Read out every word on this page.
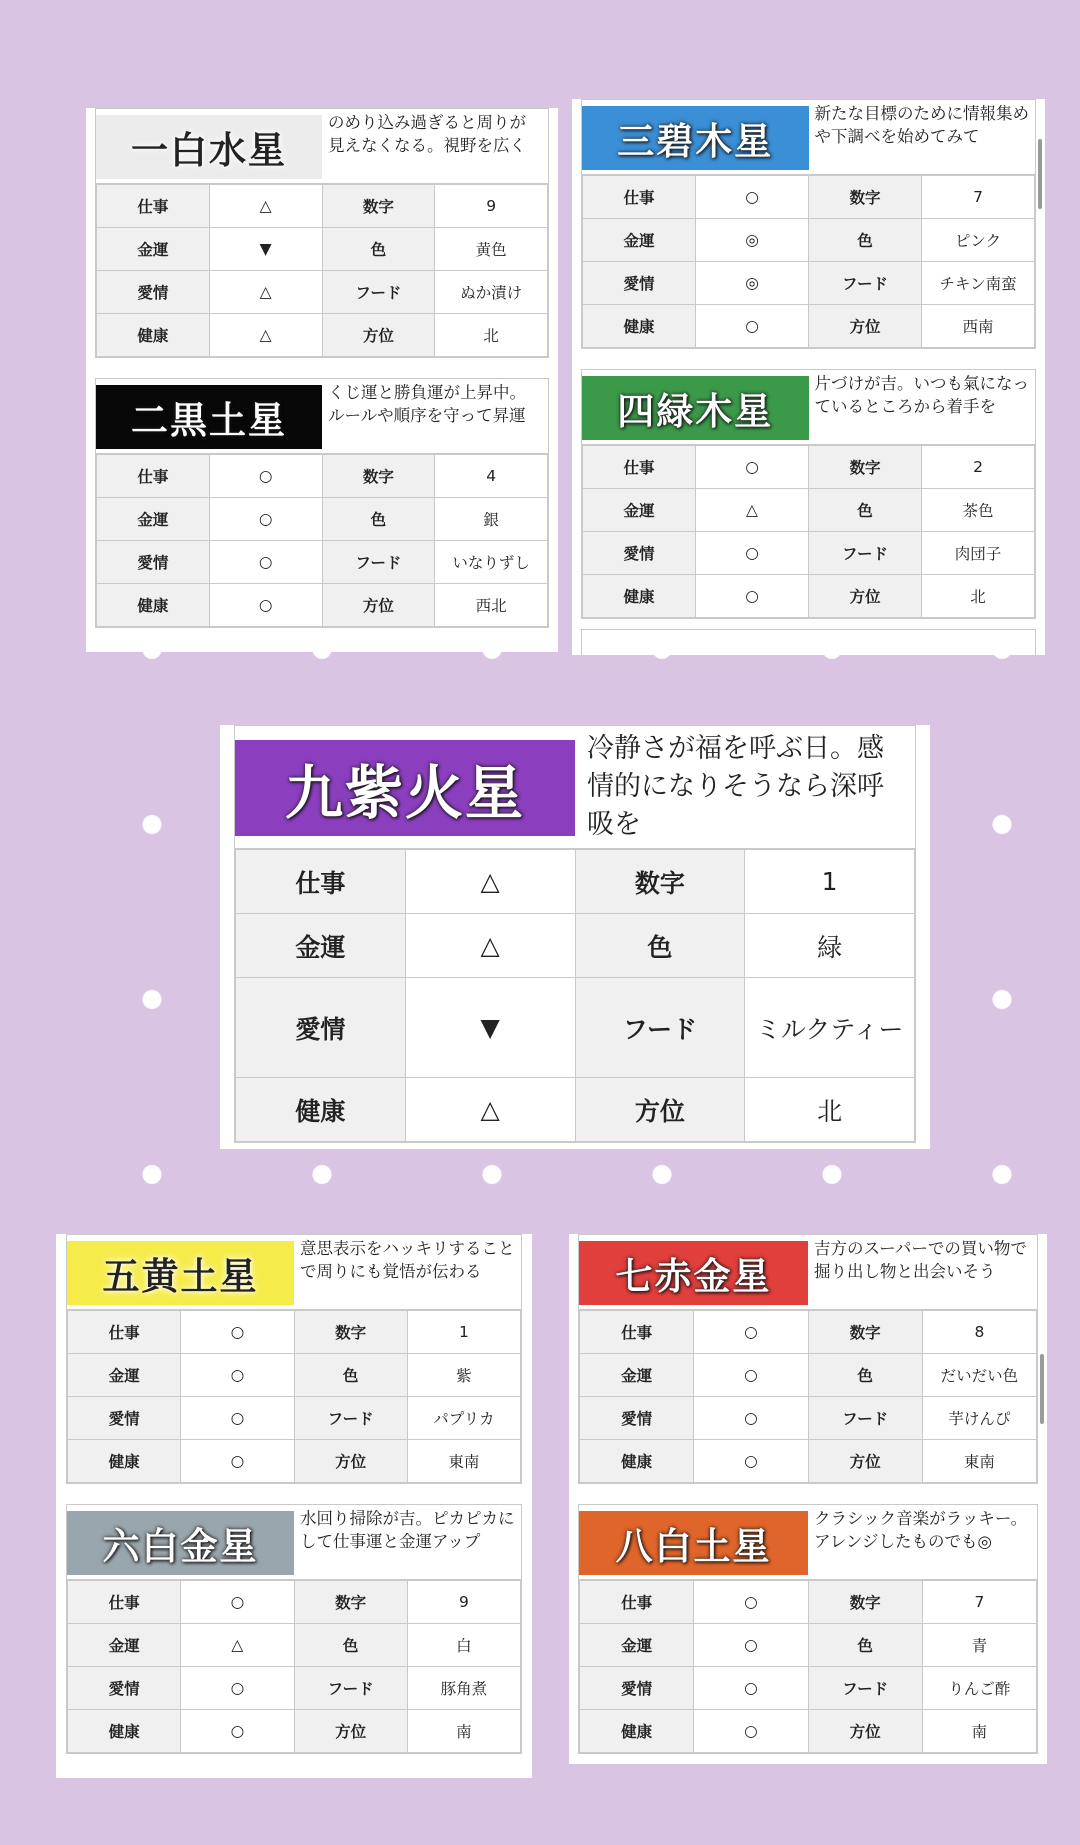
一白水星
のめり込み過ぎると周りが見えなくなる。視野を広く
仕事	△	数字	9
金運	▼	色	黄色
愛情	△	フード	ぬか漬け
健康	△	方位	北
二黒土星
くじ運と勝負運が上昇中。ルールや順序を守って昇運
仕事	○	数字	4
金運	○	色	銀
愛情	○	フード	いなりずし
健康	○	方位	西北
三碧木星
新たな目標のために情報集めや下調べを始めてみて
仕事	○	数字	7
金運	◎	色	ピンク
愛情	◎	フード	チキン南蛮
健康	○	方位	西南
四緑木星
片づけが吉。いつも氣になっているところから着手を
仕事	○	数字	2
金運	△	色	茶色
愛情	○	フード	肉団子
健康	○	方位	北
九紫火星
冷静さが福を呼ぶ日。感情的になりそうなら深呼吸を
仕事	△	数字	1
金運	△	色	緑
愛情	▼	フード	ミルクティー
健康	△	方位	北
五黄土星
意思表示をハッキリすることで周りにも覚悟が伝わる
仕事	○	数字	1
金運	○	色	紫
愛情	○	フード	パプリカ
健康	○	方位	東南
六白金星
水回り掃除が吉。ピカピカにして仕事運と金運アップ
仕事	○	数字	9
金運	△	色	白
愛情	○	フード	豚角煮
健康	○	方位	南
七赤金星
吉方のスーパーでの買い物で掘り出し物と出会いそう
仕事	○	数字	8
金運	○	色	だいだい色
愛情	○	フード	芋けんぴ
健康	○	方位	東南
八白土星
クラシック音楽がラッキー。アレンジしたものでも◎
仕事	○	数字	7
金運	○	色	青
愛情	○	フード	りんご酢
健康	○	方位	南
